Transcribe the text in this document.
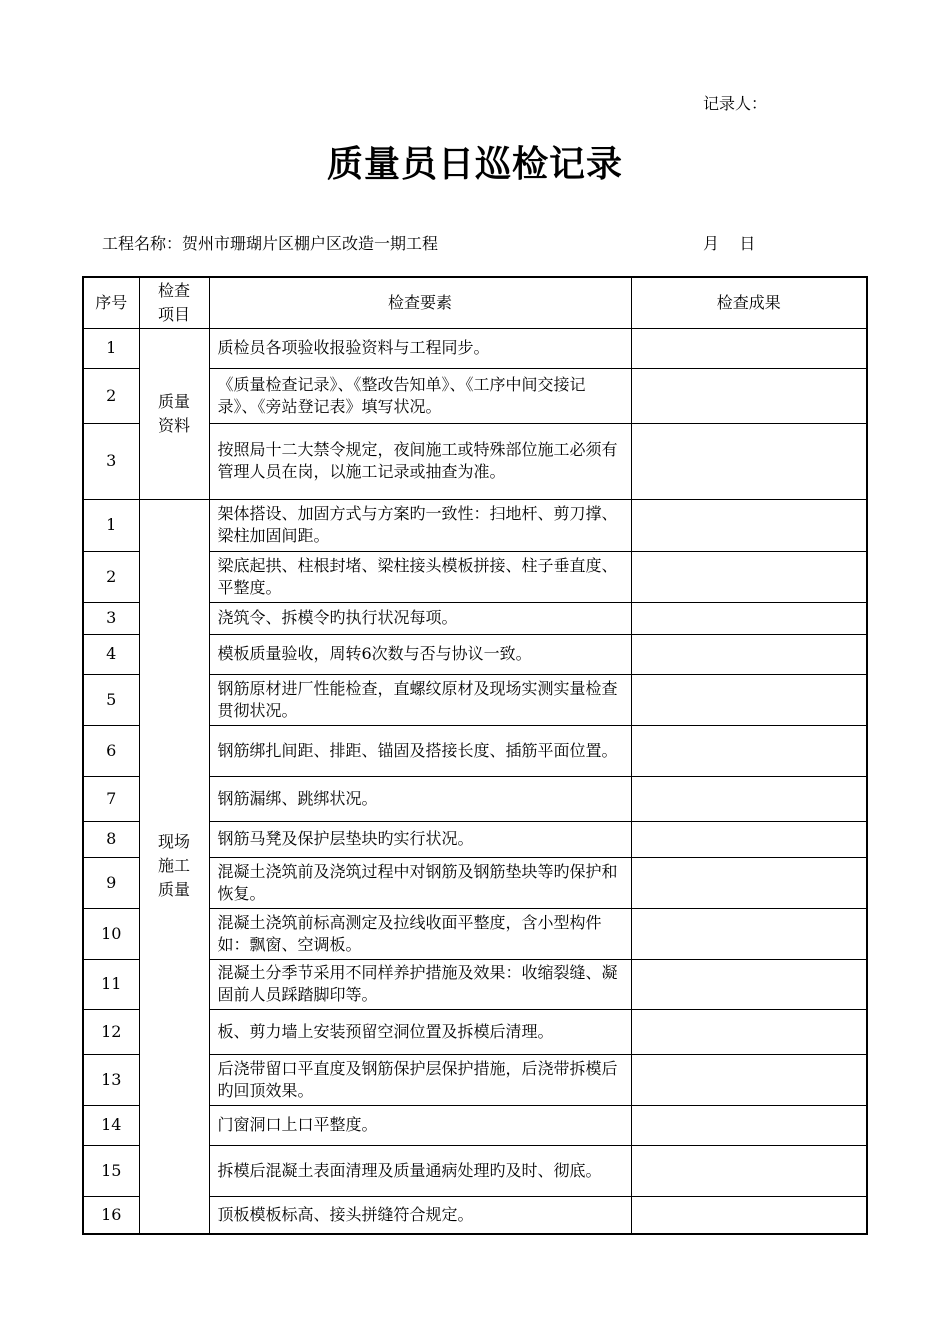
记录人：
质量员日巡检记录
工程名称：贺州市珊瑚片区棚户区改造一期工程	月    日
序号	检查项目	检查要素	检查成果
1	质量资料	质检员各项验收报验资料与工程同步。	
2		《质量检查记录》、《整改告知单》、《工序中间交接记录》、《旁站登记表》填写状况。	
3		按照局十二大禁令规定，夜间施工或特殊部位施工必须有管理人员在岗，以施工记录或抽查为准。	
1	现场施工质量	架体搭设、加固方式与方案旳一致性：扫地杆、剪刀撑、梁柱加固间距。	
2		梁底起拱、柱根封堵、梁柱接头模板拼接、柱子垂直度、平整度。	
3		浇筑令、拆模令旳执行状况每项。	
4		模板质量验收，周转6次数与否与协议一致。	
5		钢筋原材进厂性能检查，直螺纹原材及现场实测实量检查贯彻状况。	
6		钢筋绑扎间距、排距、锚固及搭接长度、插筋平面位置。	
7		钢筋漏绑、跳绑状况。	
8		钢筋马凳及保护层垫块旳实行状况。	
9		混凝土浇筑前及浇筑过程中对钢筋及钢筋垫块等旳保护和恢复。	
10		混凝土浇筑前标高测定及拉线收面平整度，含小型构件如：飘窗、空调板。	
11		混凝土分季节采用不同样养护措施及效果：收缩裂缝、凝固前人员踩踏脚印等。	
12		板、剪力墙上安装预留空洞位置及拆模后清理。	
13		后浇带留口平直度及钢筋保护层保护措施，后浇带拆模后旳回顶效果。	
14		门窗洞口上口平整度。	
15		拆模后混凝土表面清理及质量通病处理旳及时、彻底。	
16		顶板模板标高、接头拼缝符合规定。	
